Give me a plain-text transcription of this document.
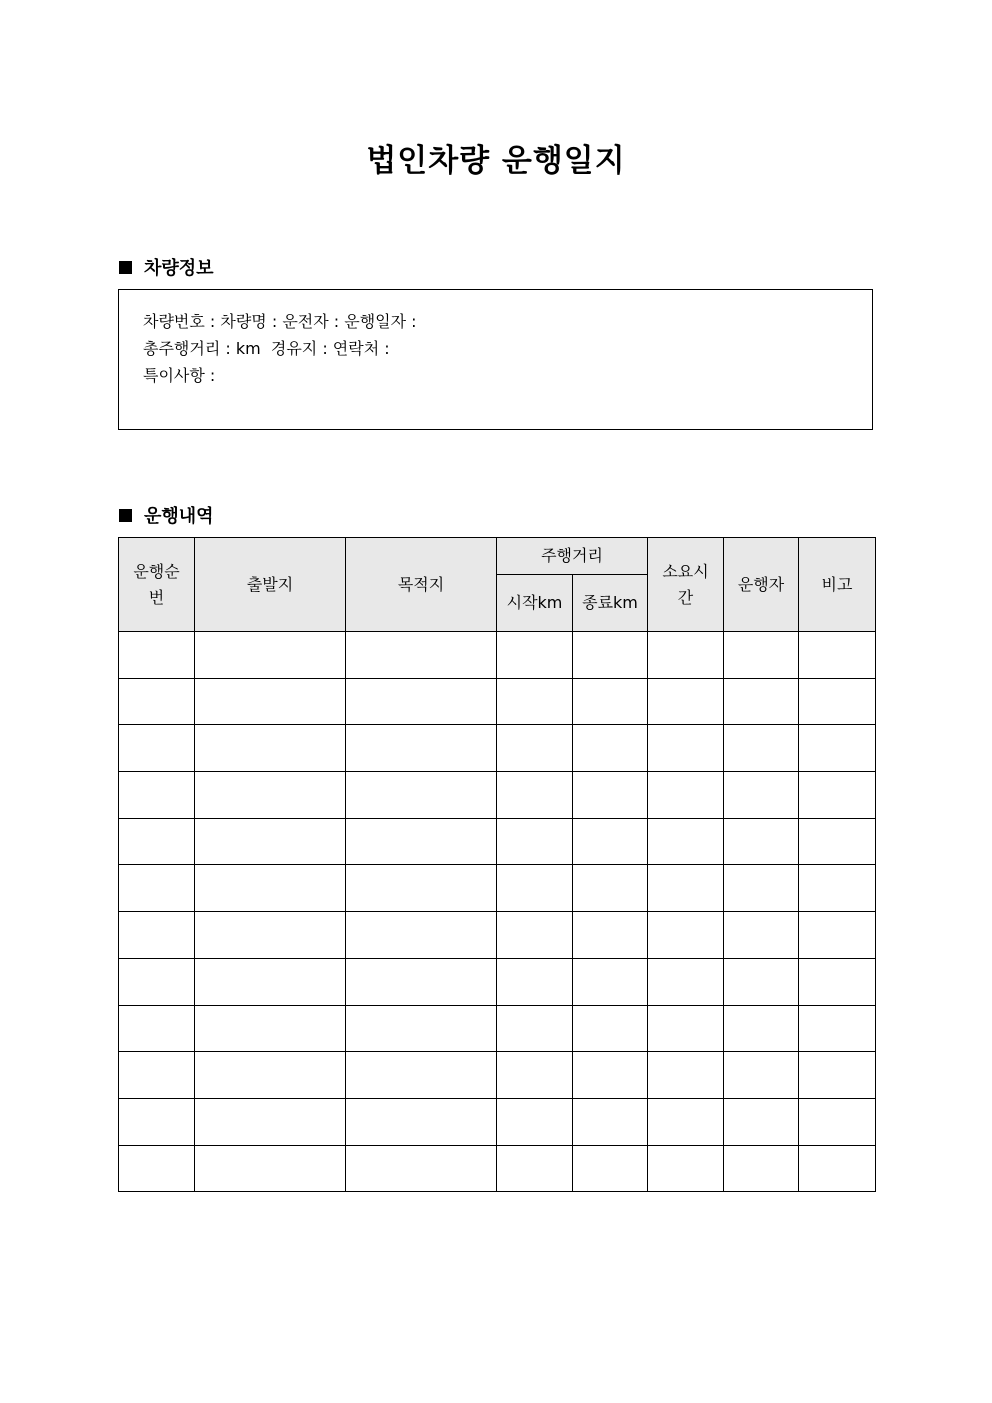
법인차량 운행일지
차량정보
차량번호 : 차량명 : 운전자 : 운행일자 :
총주행거리 : km  경유지 : 연락처 :
특이사항 :
운행내역
운행순번	출발지	목적지	주행거리		소요시간	운행자	비고
			시작km	종료km			
